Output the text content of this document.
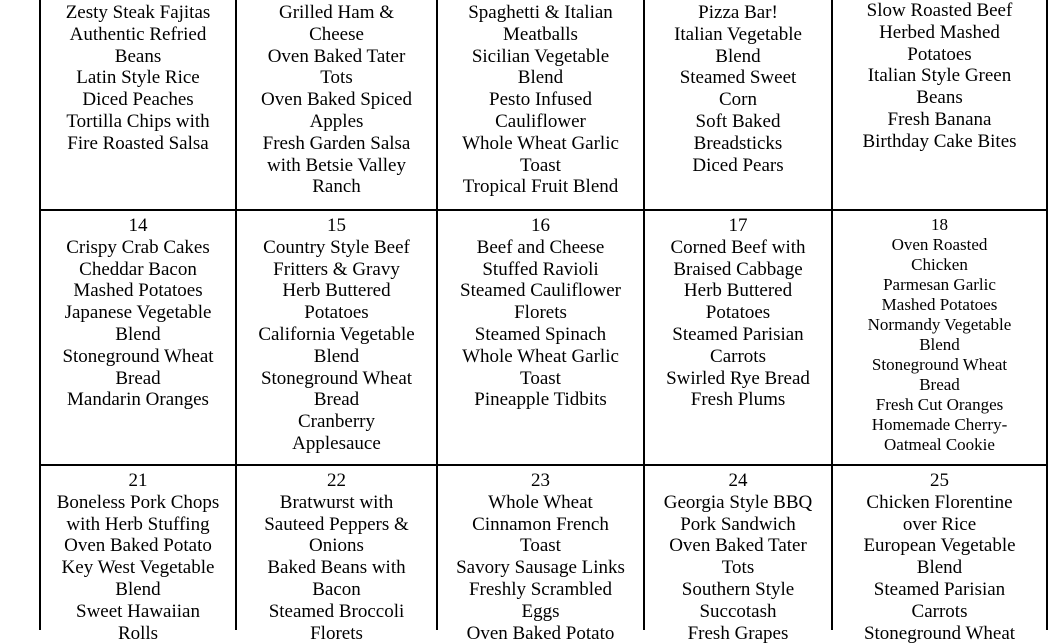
Zesty Steak Fajitas
Authentic Refried
Beans
Latin Style Rice
Diced Peaches
Tortilla Chips with
Fire Roasted Salsa
Grilled Ham &
Cheese
Oven Baked Tater
Tots
Oven Baked Spiced
Apples
Fresh Garden Salsa
with Betsie Valley
Ranch
Spaghetti & Italian
Meatballs
Sicilian Vegetable
Blend
Pesto Infused
Cauliflower
Whole Wheat Garlic
Toast
Tropical Fruit Blend
Pizza Bar!
Italian Vegetable
Blend
Steamed Sweet
Corn
Soft Baked
Breadsticks
Diced Pears
Slow Roasted Beef
Herbed Mashed
Potatoes
Italian Style Green
Beans
Fresh Banana
Birthday Cake Bites
14
Crispy Crab Cakes
Cheddar Bacon
Mashed Potatoes
Japanese Vegetable
Blend
Stoneground Wheat
Bread
Mandarin Oranges
15
Country Style Beef
Fritters & Gravy
Herb Buttered
Potatoes
California Vegetable
Blend
Stoneground Wheat
Bread
Cranberry
Applesauce
16
Beef and Cheese
Stuffed Ravioli
Steamed Cauliflower
Florets
Steamed Spinach
Whole Wheat Garlic
Toast
Pineapple Tidbits
17
Corned Beef with
Braised Cabbage
Herb Buttered
Potatoes
Steamed Parisian
Carrots
Swirled Rye Bread
Fresh Plums
18
Oven Roasted
Chicken
Parmesan Garlic
Mashed Potatoes
Normandy Vegetable
Blend
Stoneground Wheat
Bread
Fresh Cut Oranges
Homemade Cherry-
Oatmeal Cookie
21
Boneless Pork Chops
with Herb Stuffing
Oven Baked Potato
Key West Vegetable
Blend
Sweet Hawaiian
Rolls
22
Bratwurst with
Sauteed Peppers &
Onions
Baked Beans with
Bacon
Steamed Broccoli
Florets
23
Whole Wheat
Cinnamon French
Toast
Savory Sausage Links
Freshly Scrambled
Eggs
Oven Baked Potato
24
Georgia Style BBQ
Pork Sandwich
Oven Baked Tater
Tots
Southern Style
Succotash
Fresh Grapes
25
Chicken Florentine
over Rice
European Vegetable
Blend
Steamed Parisian
Carrots
Stoneground Wheat
